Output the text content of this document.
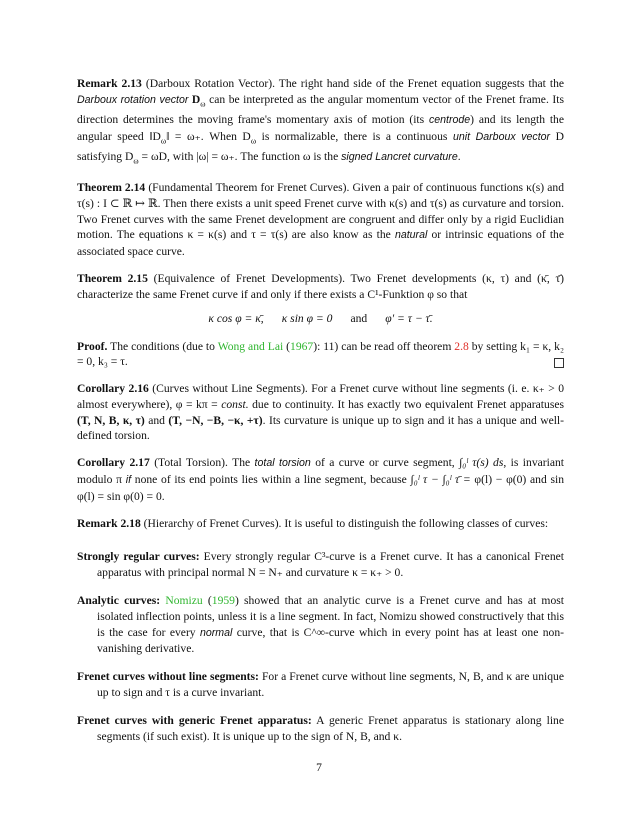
Remark 2.13 (Darboux Rotation Vector). The right hand side of the Frenet equation suggests that the Darboux rotation vector $D_\omega$ can be interpreted as the angular momentum vector of the Frenet frame. Its direction determines the moving frame's momentary axis of motion (its centrode) and its length the angular speed $‖D_\omega‖ = \omega_+$. When $D_\omega$ is normalizable, there is a continuous unit Darboux vector D satisfying $D_\omega = \omega D$, with |ω| = ω₊. The function ω is the signed Lancret curvature.

Theorem 2.14 (Fundamental Theorem for Frenet Curves). Given a pair of continuous functions κ(s) and τ(s) : I ⊂ ℝ ↦ ℝ. Then there exists a unit speed Frenet curve with κ(s) and τ(s) as curvature and torsion. Two Frenet curves with the same Frenet development are congruent and differ only by a rigid Euclidian motion. The equations κ = κ(s) and τ = τ(s) are also know as the natural or intrinsic equations of the associated space curve.

Theorem 2.15 (Equivalence of Frenet Developments). Two Frenet developments (κ, τ) and (κ̄, τ̄) characterize the same Frenet curve if and only if there exists a C¹-Funktion φ so that

κ cos φ = κ̄, κ sin φ = 0 and φ′ = τ − τ̄.

Proof. The conditions (due to Wong and Lai (1967): 11) can be read off theorem 2.8 by setting k₁ = κ, k₂ = 0, k₃ = τ.

Corollary 2.16 (Curves without Line Segments). For a Frenet curve without line segments (i. e. κ₊ > 0 almost everywhere), φ = kπ = const. due to continuity. It has exactly two equivalent Frenet apparatuses (T, N, B, κ, τ) and (T, −N, −B, −κ, +τ). Its curvature is unique up to sign and it has a unique and well-defined torsion.

Corollary 2.17 (Total Torsion). The total torsion of a curve or curve segment, ∫₀ˡ τ(s) ds, is invariant modulo π if none of its end points lies within a line segment, because ∫₀ˡ τ − ∫₀ˡ τ̄ = φ(l) − φ(0) and sin φ(l) = sin φ(0) = 0.

Remark 2.18 (Hierarchy of Frenet Curves). It is useful to distinguish the following classes of curves:

Strongly regular curves: Every strongly regular C³-curve is a Frenet curve. It has a canonical Frenet apparatus with principal normal N = N₊ and curvature κ = κ₊ > 0.

Analytic curves: Nomizu (1959) showed that an analytic curve is a Frenet curve and has at most isolated inflection points, unless it is a line segment. In fact, Nomizu showed constructively that this is the case for every normal curve, that is C^∞-curve which in every point has at least one non-vanishing derivative.

Frenet curves without line segments: For a Frenet curve without line segments, N, B, and κ are unique up to sign and τ is a curve invariant.

Frenet curves with generic Frenet apparatus: A generic Frenet apparatus is stationary along line segments (if such exist). It is unique up to the sign of N, B, and κ.

7
